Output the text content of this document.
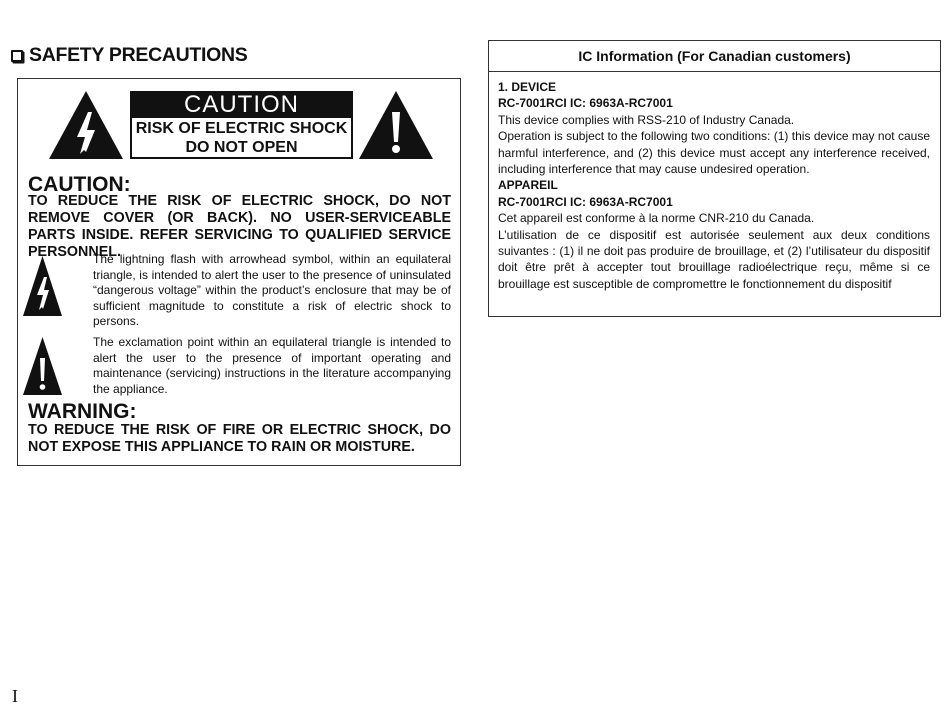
SAFETY PRECAUTIONS
CAUTION
RISK OF ELECTRIC SHOCK
DO NOT OPEN
CAUTION:
TO REDUCE THE RISK OF ELECTRIC SHOCK, DO NOT REMOVE COVER (OR BACK). NO USER-SERVICEABLE PARTS INSIDE. REFER SERVICING TO QUALIFIED SERVICE PERSONNEL.
The lightning flash with arrowhead symbol, within an equilateral triangle, is intended to alert the user to the presence of uninsulated “dangerous voltage” within the product’s enclosure that may be of sufficient magnitude to constitute a risk of electric shock to persons.
The exclamation point within an equilateral triangle is intended to alert the user to the presence of important operating and maintenance (servicing) instructions in the literature accompanying the appliance.
WARNING:
TO REDUCE THE RISK OF FIRE OR ELECTRIC SHOCK, DO NOT EXPOSE THIS APPLIANCE TO RAIN OR MOISTURE.
IC Information (For Canadian customers)
1. DEVICE
RC-7001RCI IC: 6963A-RC7001
This device complies with RSS-210 of Industry Canada.
Operation is subject to the following two conditions: (1) this device may not cause harmful interference, and (2) this device must accept any interference received, including interference that may cause undesired operation.
APPAREIL
RC-7001RCI IC: 6963A-RC7001
Cet appareil est conforme à la norme CNR-210 du Canada.
L’utilisation de ce dispositif est autorisée seulement aux deux conditions suivantes : (1) il ne doit pas produire de brouillage, et (2) l’utilisateur du dispositif doit être prêt à accepter tout brouillage radioélectrique reçu, même si ce brouillage est susceptible de compromettre le fonctionnement du dispositif
I
